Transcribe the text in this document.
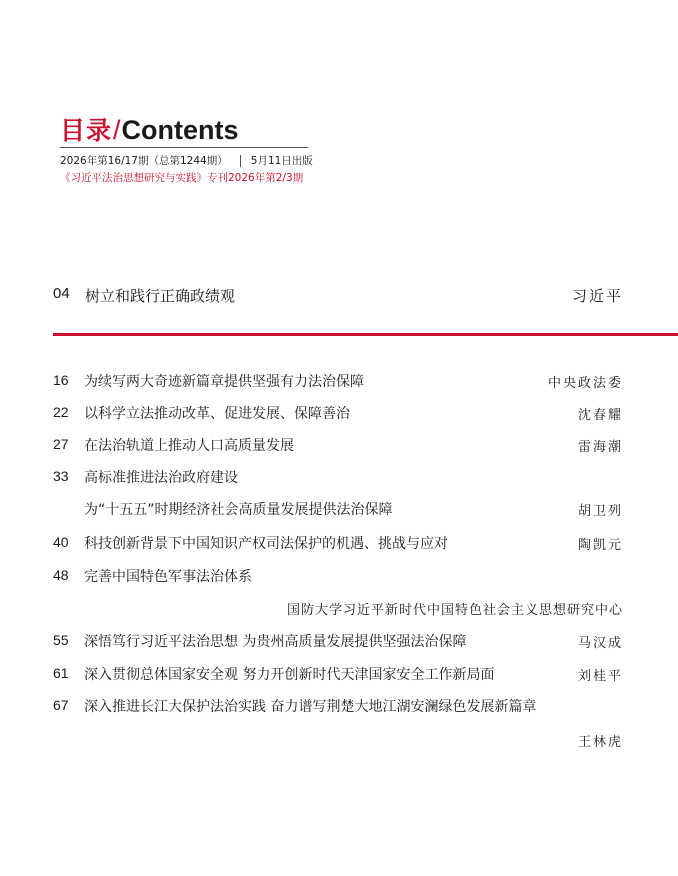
目录 / Contents
2026年第16/17期（总第1244期） 5月11日出版
《习近平法治思想研究与实践》专刊2026年第2/3期
04 树立和践行正确政绩观	习近平
16 为续写两大奇迹新篇章提供坚强有力法治保障	中央政法委
22 以科学立法推动改革、促进发展、保障善治	沈春耀
27 在法治轨道上推动人口高质量发展	雷海潮
33 高标准推进法治政府建设
为“十五五”时期经济社会高质量发展提供法治保障	胡卫列
40 科技创新背景下中国知识产权司法保护的机遇、挑战与应对	陶凯元
48 完善中国特色军事法治体系
国防大学习近平新时代中国特色社会主义思想研究中心
55 深悟笃行习近平法治思想 为贵州高质量发展提供坚强法治保障	马汉成
61 深入贯彻总体国家安全观 努力开创新时代天津国家安全工作新局面	刘桂平
67 深入推进长江大保护法治实践 奋力谱写荆楚大地江湖安澜绿色发展新篇章
王林虎
